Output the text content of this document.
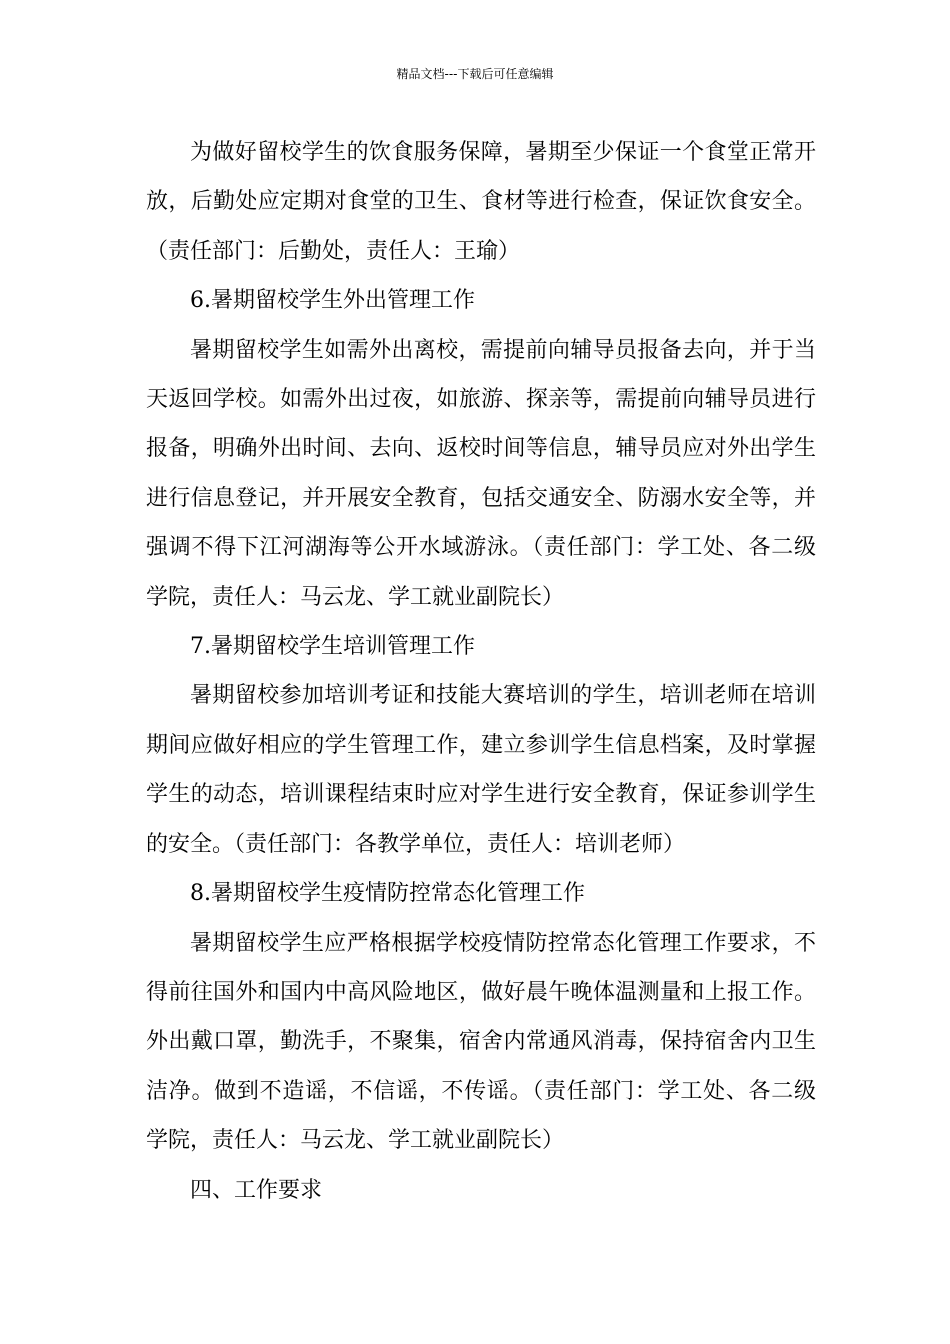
精品文档---下载后可任意编辑

为做好留校学生的饮食服务保障，暑期至少保证一个食堂正常开放，后勤处应定期对食堂的卫生、食材等进行检查，保证饮食安全。（责任部门：后勤处，责任人：王瑜）

6.暑期留校学生外出管理工作

暑期留校学生如需外出离校，需提前向辅导员报备去向，并于当天返回学校。如需外出过夜，如旅游、探亲等，需提前向辅导员进行报备，明确外出时间、去向、返校时间等信息，辅导员应对外出学生进行信息登记，并开展安全教育，包括交通安全、防溺水安全等，并强调不得下江河湖海等公开水域游泳。（责任部门：学工处、各二级学院，责任人：马云龙、学工就业副院长）

7.暑期留校学生培训管理工作

暑期留校参加培训考证和技能大赛培训的学生，培训老师在培训期间应做好相应的学生管理工作，建立参训学生信息档案，及时掌握学生的动态，培训课程结束时应对学生进行安全教育，保证参训学生的安全。（责任部门：各教学单位，责任人：培训老师）

8.暑期留校学生疫情防控常态化管理工作

暑期留校学生应严格根据学校疫情防控常态化管理工作要求，不得前往国外和国内中高风险地区，做好晨午晚体温测量和上报工作。外出戴口罩，勤洗手，不聚集，宿舍内常通风消毒，保持宿舍内卫生洁净。做到不造谣，不信谣，不传谣。（责任部门：学工处、各二级学院，责任人：马云龙、学工就业副院长）

四、工作要求
